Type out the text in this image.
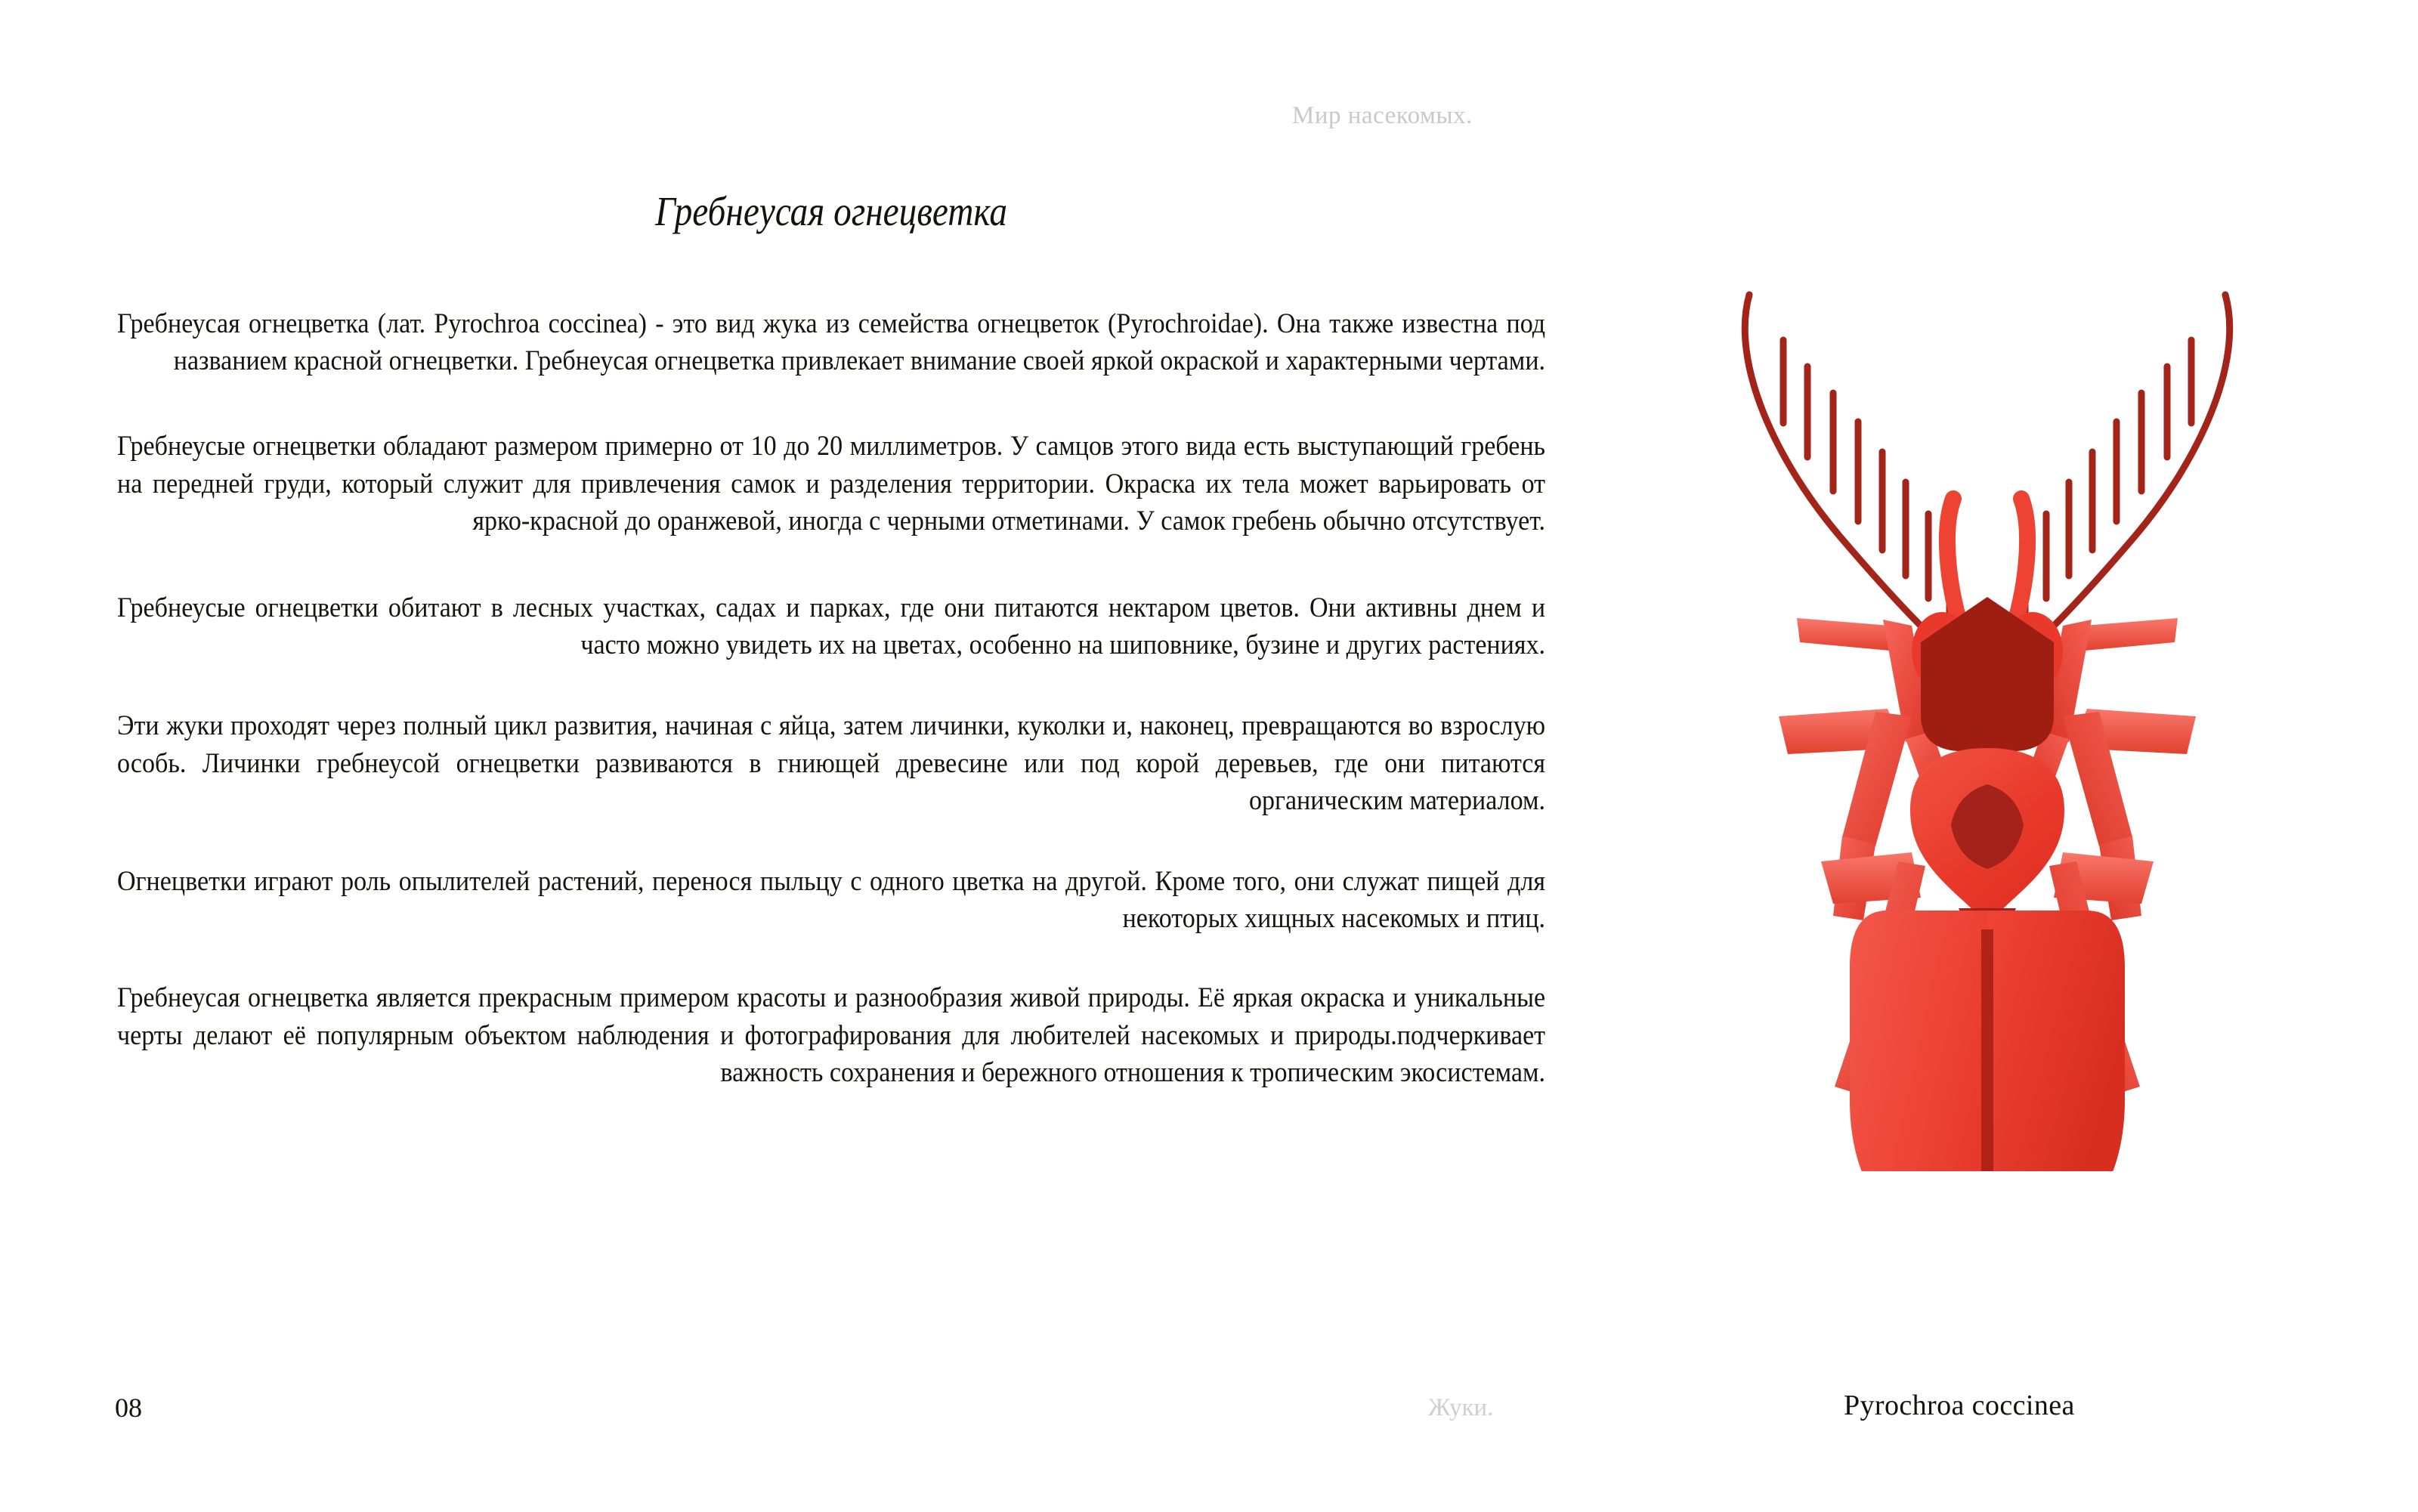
Мир насекомых.
Гребнеусая огнецветка

Гребнеусая огнецветка (лат. Pyrochroa coccinea) - это вид жука из семейства огнецветок (Pyrochroidae). Она также известна под названием красной огнецветки. Гребнеусая огнецветка привлекает внимание своей яркой окраской и характерными чертами.

Гребнеусые огнецветки обладают размером примерно от 10 до 20 миллиметров. У самцов этого вида есть выступающий гребень на передней груди, который служит для привлечения самок и разделения территории. Окраска их тела может варьировать от ярко-красной до оранжевой, иногда с черными отметинами. У самок гребень обычно отсутствует.

Гребнеусые огнецветки обитают в лесных участках, садах и парках, где они питаются нектаром цветов. Они активны днем и часто можно увидеть их на цветах, особенно на шиповнике, бузине и других растениях.

Эти жуки проходят через полный цикл развития, начиная с яйца, затем личинки, куколки и, наконец, превращаются во взрослую особь. Личинки гребнеусой огнецветки развиваются в гниющей древесине или под корой деревьев, где они питаются органическим материалом.

Огнецветки играют роль опылителей растений, перенося пыльцу с одного цветка на другой. Кроме того, они служат пищей для некоторых хищных насекомых и птиц.

Гребнеусая огнецветка является прекрасным примером красоты и разнообразия живой природы. Её яркая окраска и уникальные черты делают её популярным объектом наблюдения и фотографирования для любителей насекомых и природы.подчеркивает важность сохранения и бережного отношения к тропическим экосистемам.

08	Жуки.	Pyrochroa coccinea
